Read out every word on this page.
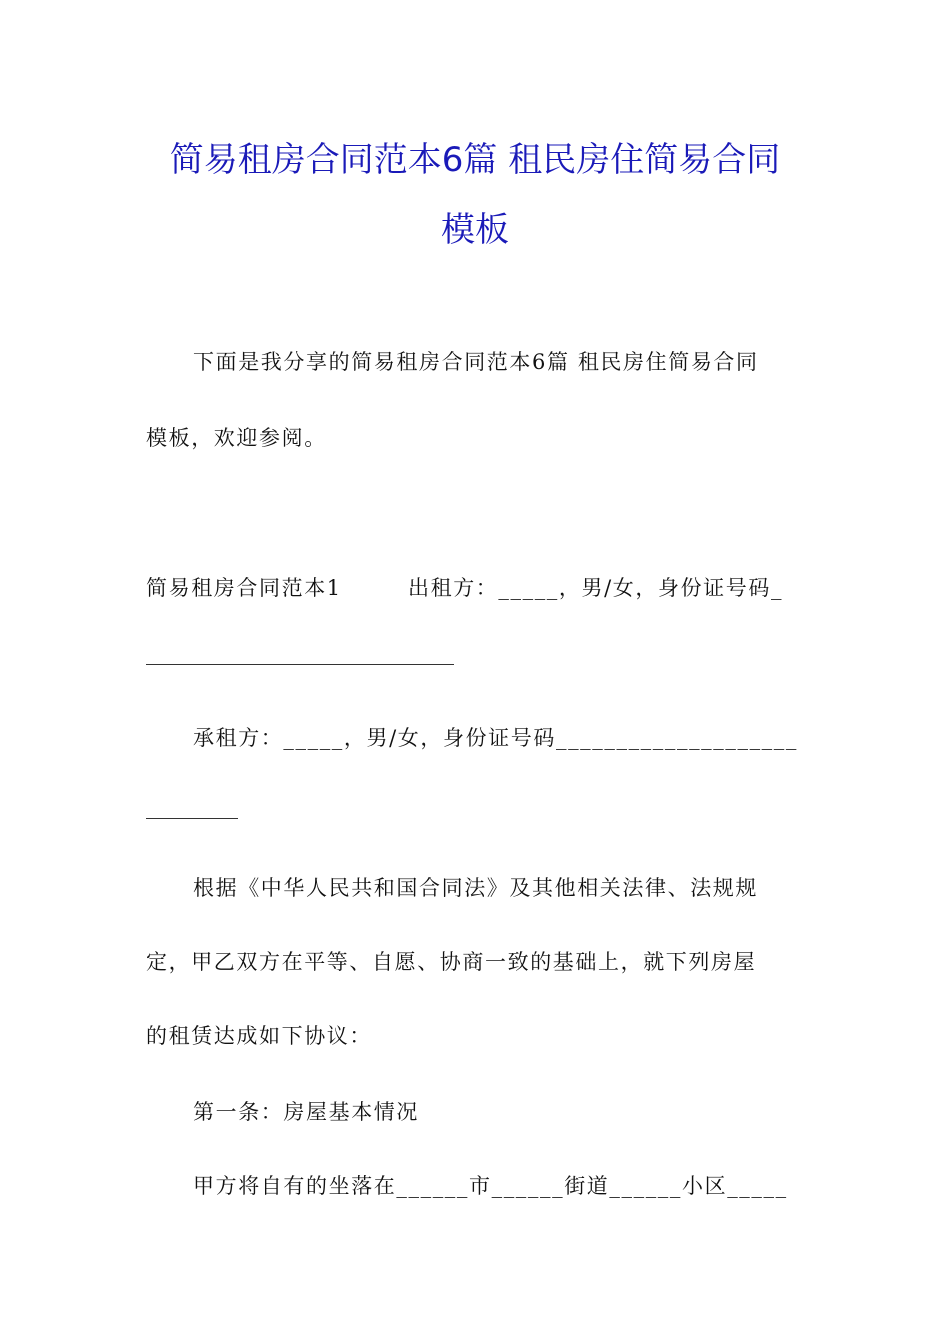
简易租房合同范本6篇 租民房住简易合同
模板
下面是我分享的简易租房合同范本6篇 租民房住简易合同
模板，欢迎参阅。
简易租房合同范本1	出租方：_____，男/女，身份证号码_
承租方：_____，男/女，身份证号码____________________
根据《中华人民共和国合同法》及其他相关法律、法规规
定，甲乙双方在平等、自愿、协商一致的基础上，就下列房屋
的租赁达成如下协议：
第一条：房屋基本情况
甲方将自有的坐落在______市______街道______小区_____
